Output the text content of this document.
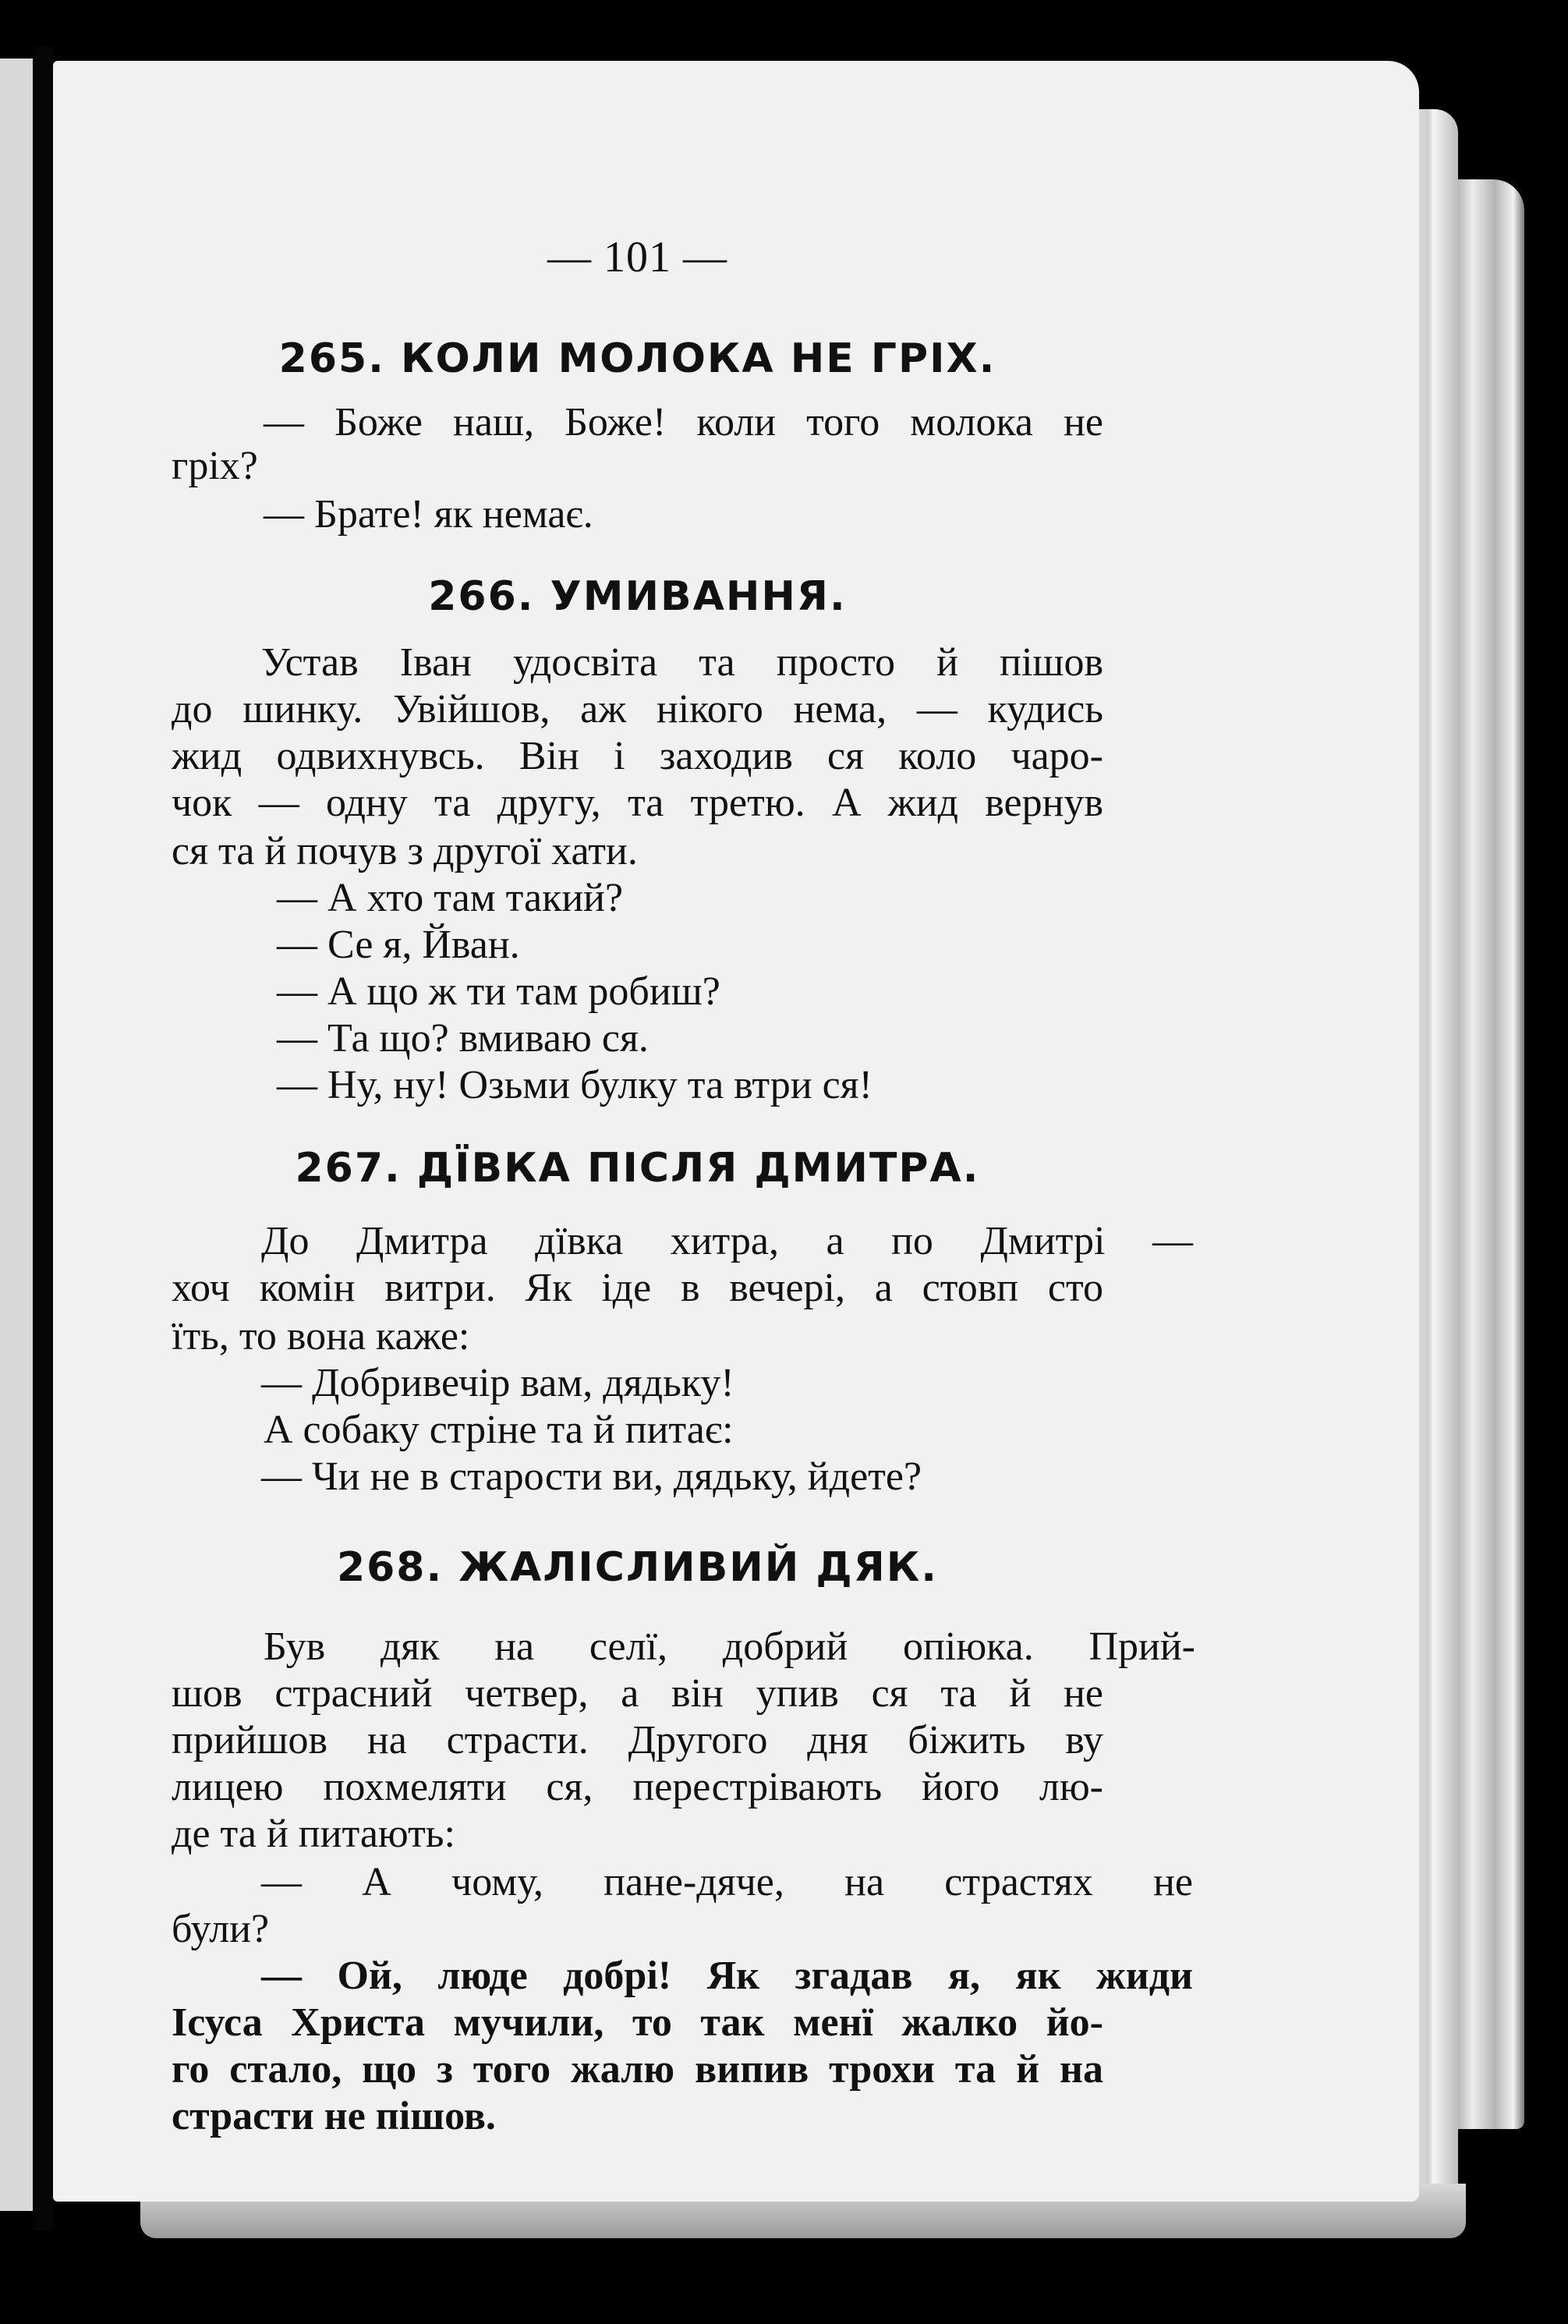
— 101 —
265. КОЛИ МОЛОКА НЕ ГРІХ.
— Боже наш, Боже! коли того молока не
гріх?
— Брате! як немає.
266. УМИВАННЯ.
Устав Іван удосвіта та просто й пішов
до шинку. Увійшов, аж нікого нема, — кудись
жид одвихнувсь. Він і заходив ся коло чаро-
чок — одну та другу, та третю. А жид вернув
ся та й почув з другої хати.
— А хто там такий?
— Се я, Йван.
— А що ж ти там робиш?
— Та що? вмиваю ся.
— Ну, ну! Озьми булку та втри ся!
267. ДЇВКА ПІСЛЯ ДМИТРА.
До Дмитра дївка хитра, а по Дмитрі —
хоч комін витри. Як іде в вечері, а стовп сто
їть, то вона каже:
— Добривечір вам, дядьку!
А собаку стріне та й питає:
— Чи не в старости ви, дядьку, йдете?
268. ЖАЛІСЛИВИЙ ДЯК.
Був дяк на селї, добрий опіюка. Прий-
шов страсний четвер, а він упив ся та й не
прийшов на страсти. Другого дня біжить ву
лицею похмеляти ся, перестрівають його лю-
де та й питають:
— А чому, пане-дяче, на страстях не
були?
— Ой, люде добрі! Як згадав я, як жиди
Ісуса Христа мучили, то так менї жалко йо-
го стало, що з того жалю випив трохи та й на
страсти не пішов.
